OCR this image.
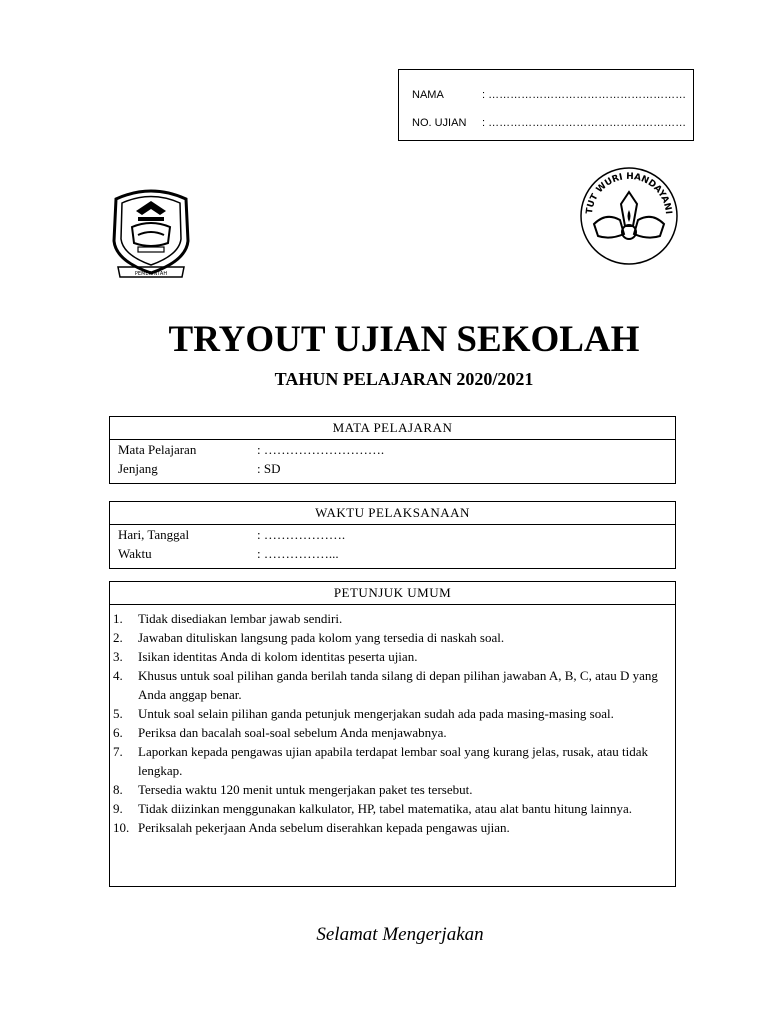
NAMA	: ………………………………………………
NO. UJIAN : ………………………………………………
PEMERINTAH
TUT WURI HANDAYANI
TRYOUT UJIAN SEKOLAH
TAHUN PELAJARAN 2020/2021
MATA PELAJARAN
Mata Pelajaran	: ……………………….
Jenjang	: SD
WAKTU PELAKSANAAN
Hari, Tanggal	: ……………….
Waktu	: ……………...
PETUNJUK UMUM
1. Tidak disediakan lembar jawab sendiri.
2. Jawaban dituliskan langsung pada kolom yang tersedia di naskah soal.
3. Isikan identitas Anda di kolom identitas peserta ujian.
4. Khusus untuk soal pilihan ganda berilah tanda silang di depan pilihan jawaban A, B, C, atau D yang Anda anggap benar.
5. Untuk soal selain pilihan ganda petunjuk mengerjakan sudah ada pada masing-masing soal.
6. Periksa dan bacalah soal-soal sebelum Anda menjawabnya.
7. Laporkan kepada pengawas ujian apabila terdapat lembar soal yang kurang jelas, rusak, atau tidak lengkap.
8. Tersedia waktu 120 menit untuk mengerjakan paket tes tersebut.
9. Tidak diizinkan menggunakan kalkulator, HP, tabel matematika, atau alat bantu hitung lainnya.
10. Periksalah pekerjaan Anda sebelum diserahkan kepada pengawas ujian.
Selamat Mengerjakan
